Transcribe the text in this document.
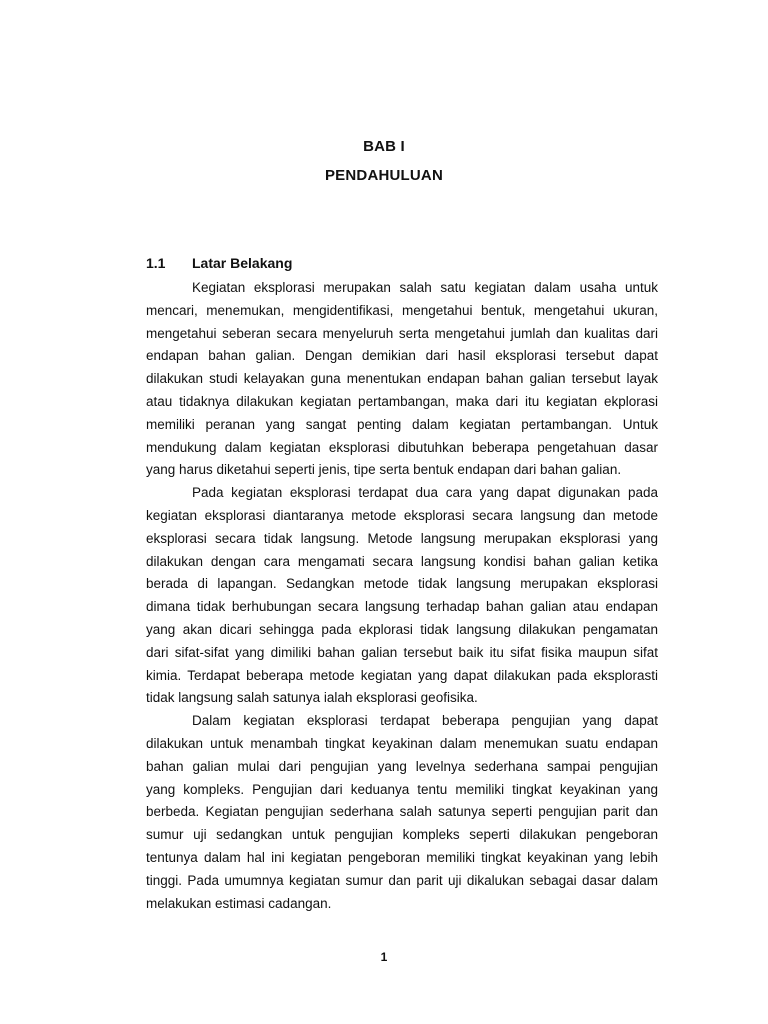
BAB I
PENDAHULUAN
1.1 Latar Belakang
Kegiatan eksplorasi merupakan salah satu kegiatan dalam usaha untuk
mencari, menemukan, mengidentifikasi, mengetahui bentuk, mengetahui ukuran,
mengetahui seberan secara menyeluruh serta mengetahui jumlah dan kualitas dari
endapan bahan galian. Dengan demikian dari hasil eksplorasi tersebut dapat
dilakukan studi kelayakan guna menentukan endapan bahan galian tersebut layak
atau tidaknya dilakukan kegiatan pertambangan, maka dari itu kegiatan ekplorasi
memiliki peranan yang sangat penting dalam kegiatan pertambangan. Untuk
mendukung dalam kegiatan eksplorasi dibutuhkan beberapa pengetahuan dasar
yang harus diketahui seperti jenis, tipe serta bentuk endapan dari bahan galian.
Pada kegiatan eksplorasi terdapat dua cara yang dapat digunakan pada
kegiatan eksplorasi diantaranya metode eksplorasi secara langsung dan metode
eksplorasi secara tidak langsung. Metode langsung merupakan eksplorasi yang
dilakukan dengan cara mengamati secara langsung kondisi bahan galian ketika
berada di lapangan. Sedangkan metode tidak langsung merupakan eksplorasi
dimana tidak berhubungan secara langsung terhadap bahan galian atau endapan
yang akan dicari sehingga pada ekplorasi tidak langsung dilakukan pengamatan
dari sifat-sifat yang dimiliki bahan galian tersebut baik itu sifat fisika maupun sifat
kimia. Terdapat beberapa metode kegiatan yang dapat dilakukan pada eksplorasti
tidak langsung salah satunya ialah eksplorasi geofisika.
Dalam kegiatan eksplorasi terdapat beberapa pengujian yang dapat
dilakukan untuk menambah tingkat keyakinan dalam menemukan suatu endapan
bahan galian mulai dari pengujian yang levelnya sederhana sampai pengujian
yang kompleks. Pengujian dari keduanya tentu memiliki tingkat keyakinan yang
berbeda. Kegiatan pengujian sederhana salah satunya seperti pengujian parit dan
sumur uji sedangkan untuk pengujian kompleks seperti dilakukan pengeboran
tentunya dalam hal ini kegiatan pengeboran memiliki tingkat keyakinan yang lebih
tinggi. Pada umumnya kegiatan sumur dan parit uji dikalukan sebagai dasar dalam
melakukan estimasi cadangan.
1
